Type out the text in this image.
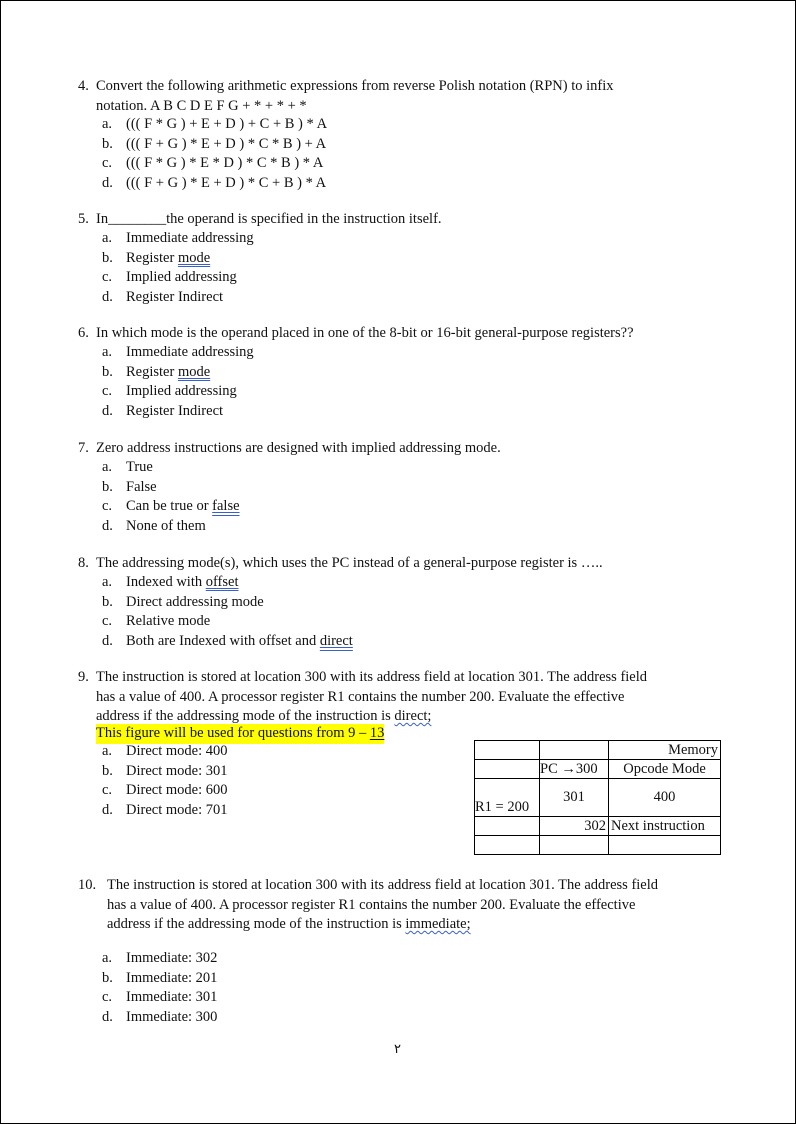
4. Convert the following arithmetic expressions from reverse Polish notation (RPN) to infix
notation. A B C D E F G + * + * + *
a. ((( F * G ) + E + D ) + C + B ) * A
b. ((( F + G ) * E + D ) * C * B ) + A
c. ((( F * G ) * E * D ) * C * B ) * A
d. ((( F + G ) * E + D ) * C + B ) * A
5. In________the operand is specified in the instruction itself.
a. Immediate addressing
b. Register mode
c. Implied addressing
d. Register Indirect
6. In which mode is the operand placed in one of the 8-bit or 16-bit general-purpose registers??
a. Immediate addressing
b. Register mode
c. Implied addressing
d. Register Indirect
7. Zero address instructions are designed with implied addressing mode.
a. True
b. False
c. Can be true or false
d. None of them
8. The addressing mode(s), which uses the PC instead of a general-purpose register is …..
a. Indexed with offset
b. Direct addressing mode
c. Relative mode
d. Both are Indexed with offset and direct
9. The instruction is stored at location 300 with its address field at location 301. The address field
has a value of 400. A processor register R1 contains the number 200. Evaluate the effective
address if the addressing mode of the instruction is direct;
This figure will be used for questions from 9 – 13
a. Direct mode: 400
b. Direct mode: 301
c. Direct mode: 600
d. Direct mode: 701
		Memory
	PC →300	Opcode Mode
R1 = 200	301	400
	302	Next instruction

10. The instruction is stored at location 300 with its address field at location 301. The address field
has a value of 400. A processor register R1 contains the number 200. Evaluate the effective
address if the addressing mode of the instruction is immediate;
a. Immediate: 302
b. Immediate: 201
c. Immediate: 301
d. Immediate: 300
٢
